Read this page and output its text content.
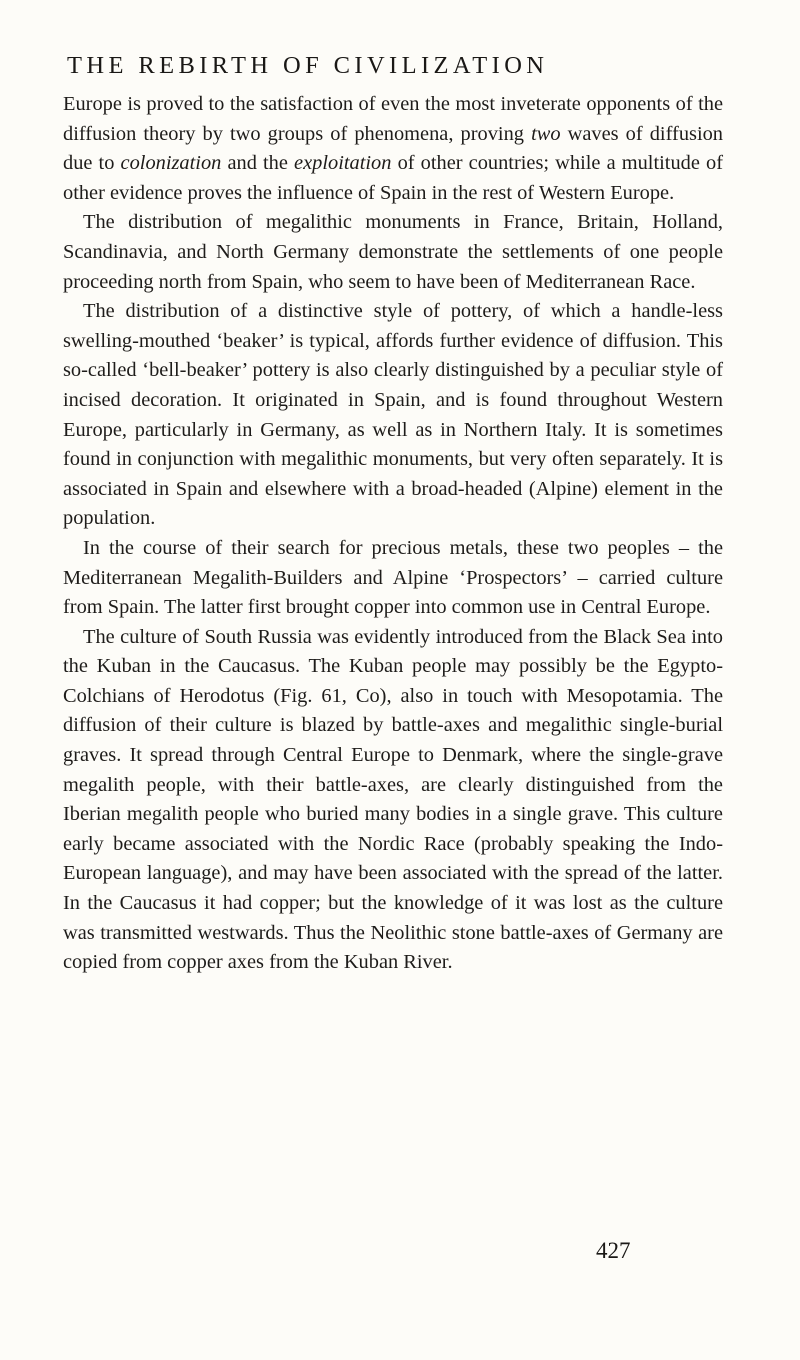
THE REBIRTH OF CIVILIZATION

Europe is proved to the satisfaction of even the most inveterate opponents of the diffusion theory by two groups of phenomena, proving two waves of diffusion due to colonization and the exploitation of other countries; while a multitude of other evidence proves the influence of Spain in the rest of Western Europe.

The distribution of megalithic monuments in France, Britain, Holland, Scandinavia, and North Germany demonstrate the settlements of one people proceeding north from Spain, who seem to have been of Mediterranean Race.

The distribution of a distinctive style of pottery, of which a handle-less swelling-mouthed ‘beaker’ is typical, affords further evidence of diffusion. This so-called ‘bell-beaker’ pottery is also clearly distinguished by a peculiar style of incised decoration. It originated in Spain, and is found throughout Western Europe, particularly in Germany, as well as in Northern Italy. It is sometimes found in conjunction with megalithic monuments, but very often separately. It is associated in Spain and elsewhere with a broad-headed (Alpine) element in the population.

In the course of their search for precious metals, these two peoples – the Mediterranean Megalith-Builders and Alpine ‘Prospectors’ – carried culture from Spain. The latter first brought copper into common use in Central Europe.

The culture of South Russia was evidently introduced from the Black Sea into the Kuban in the Caucasus. The Kuban people may possibly be the Egypto-Colchians of Herodotus (Fig. 61, Co), also in touch with Mesopotamia. The diffusion of their culture is blazed by battle-axes and megalithic single-burial graves. It spread through Central Europe to Denmark, where the single-grave megalith people, with their battle-axes, are clearly distinguished from the Iberian megalith people who buried many bodies in a single grave. This culture early became associated with the Nordic Race (probably speaking the Indo-European language), and may have been associated with the spread of the latter. In the Caucasus it had copper; but the knowledge of it was lost as the culture was transmitted westwards. Thus the Neolithic stone battle-axes of Germany are copied from copper axes from the Kuban River.

427
